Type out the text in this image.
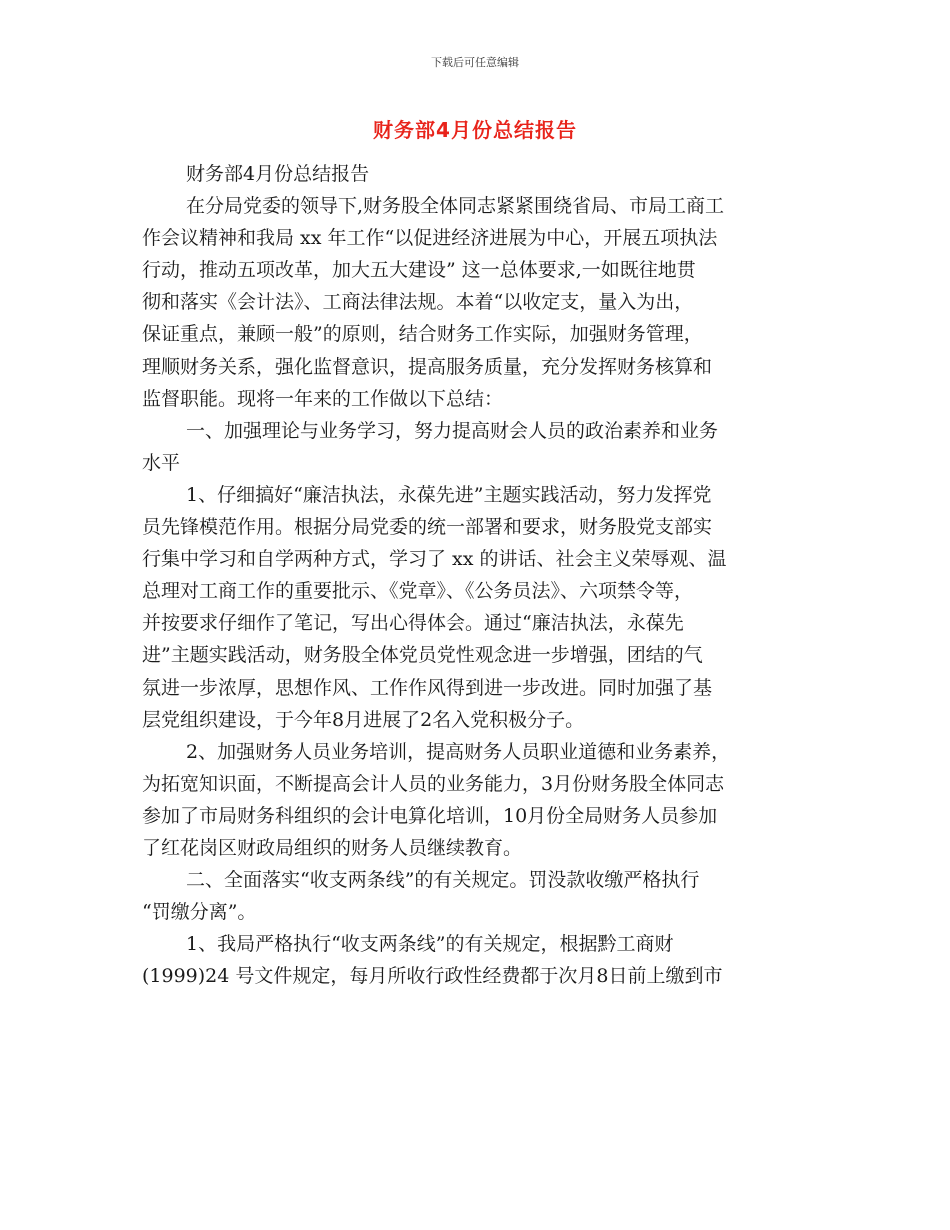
下载后可任意编辑
财务部4月份总结报告
财务部4月份总结报告
在分局党委的领导下,财务股全体同志紧紧围绕省局、市局工商工
作会议精神和我局 xx 年工作“以促进经济进展为中心，开展五项执法
行动，推动五项改革，加大五大建设” 这一总体要求,一如既往地贯
彻和落实《会计法》、工商法律法规。本着“以收定支，量入为出，
保证重点，兼顾一般”的原则，结合财务工作实际，加强财务管理，
理顺财务关系，强化监督意识，提高服务质量，充分发挥财务核算和
监督职能。现将一年来的工作做以下总结：
一、加强理论与业务学习，努力提高财会人员的政治素养和业务
水平
1、仔细搞好“廉洁执法，永葆先进”主题实践活动，努力发挥党
员先锋模范作用。根据分局党委的统一部署和要求，财务股党支部实
行集中学习和自学两种方式，学习了 xx 的讲话、社会主义荣辱观、温
总理对工商工作的重要批示、《党章》、《公务员法》、六项禁令等，
并按要求仔细作了笔记，写出心得体会。通过“廉洁执法，永葆先
进”主题实践活动，财务股全体党员党性观念进一步增强，团结的气
氛进一步浓厚，思想作风、工作作风得到进一步改进。同时加强了基
层党组织建设，于今年8月进展了2名入党积极分子。
2、加强财务人员业务培训，提高财务人员职业道德和业务素养，
为拓宽知识面，不断提高会计人员的业务能力，3月份财务股全体同志
参加了市局财务科组织的会计电算化培训，10月份全局财务人员参加
了红花岗区财政局组织的财务人员继续教育。
二、全面落实“收支两条线”的有关规定。罚没款收缴严格执行
“罚缴分离”。
1、我局严格执行“收支两条线”的有关规定，根据黔工商财
(1999)24 号文件规定，每月所收行政性经费都于次月8日前上缴到市
